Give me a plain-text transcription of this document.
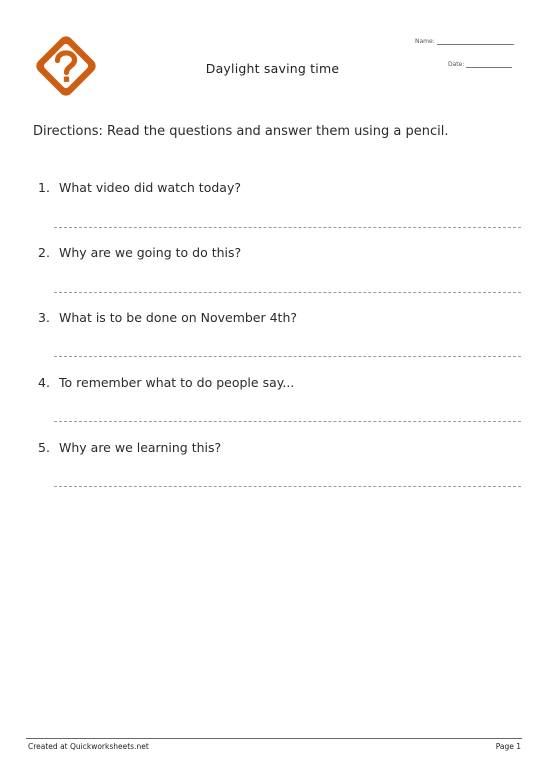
Daylight saving time
Name:
Date:
Directions: Read the questions and answer them using a pencil.
1. What video did watch today?
2. Why are we going to do this?
3. What is to be done on November 4th?
4. To remember what to do people say...
5. Why are we learning this?
Created at Quickworksheets.net	Page 1
